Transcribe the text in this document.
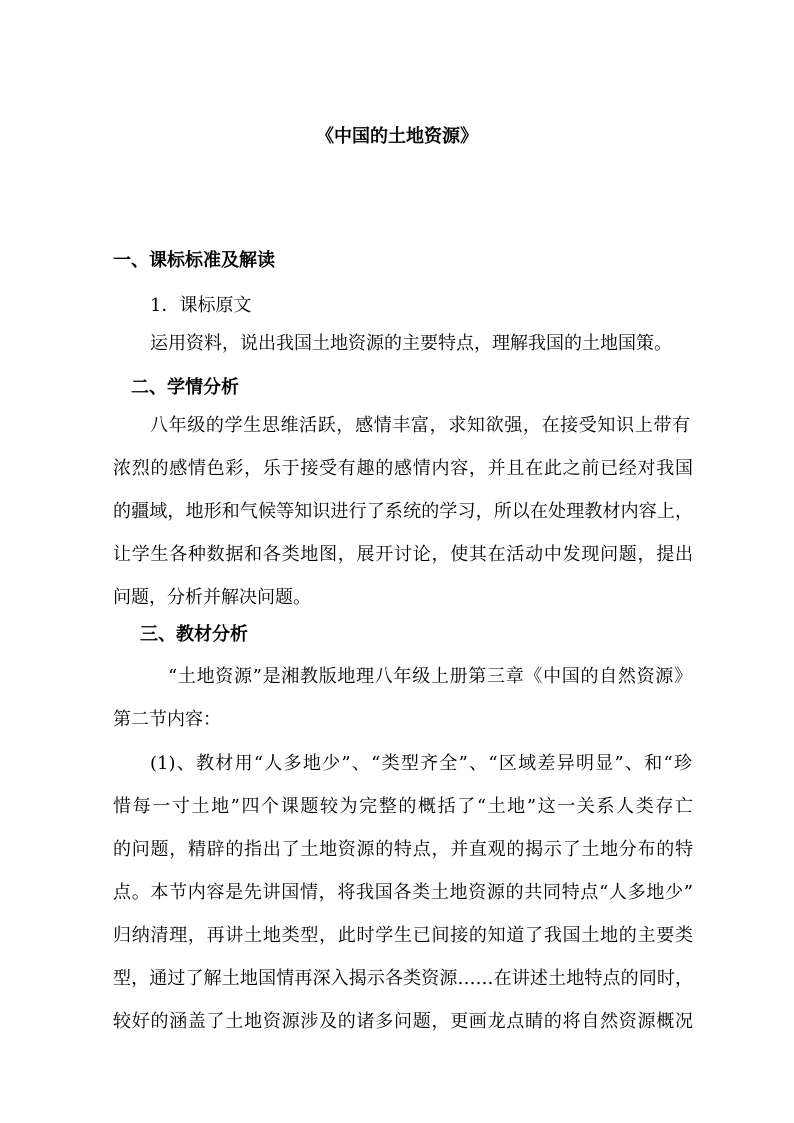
《中国的土地资源》
一、课标标准及解读
1．课标原文
运用资料，说出我国土地资源的主要特点，理解我国的土地国策。
二、学情分析
八年级的学生思维活跃，感情丰富，求知欲强，在接受知识上带有
浓烈的感情色彩，乐于接受有趣的感情内容，并且在此之前已经对我国
的疆域，地形和气候等知识进行了系统的学习，所以在处理教材内容上，
让学生各种数据和各类地图，展开讨论，使其在活动中发现问题，提出
问题，分析并解决问题。
三、教材分析
“土地资源”是湘教版地理八年级上册第三章《中国的自然资源》
第二节内容：
(1)、教材用“人多地少”、“类型齐全”、“区域差异明显”、和“珍
惜每一寸土地”四个课题较为完整的概括了“土地”这一关系人类存亡
的问题，精辟的指出了土地资源的特点，并直观的揭示了土地分布的特
点。本节内容是先讲国情，将我国各类土地资源的共同特点“人多地少”
归纳清理，再讲土地类型，此时学生已间接的知道了我国土地的主要类
型，通过了解土地国情再深入揭示各类资源……在讲述土地特点的同时，
较好的涵盖了土地资源涉及的诸多问题，更画龙点睛的将自然资源概况
